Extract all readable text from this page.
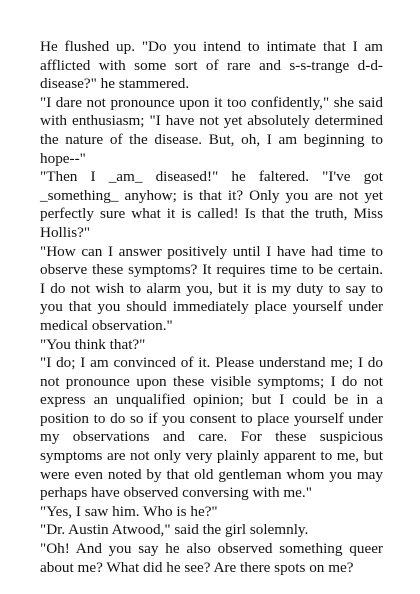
He flushed up. "Do you intend to intimate that I am afflicted with some sort of rare and s-s-trange d-d-disease?" he stammered.

"I dare not pronounce upon it too confidently," she said with enthusiasm; "I have not yet absolutely determined the nature of the disease. But, oh, I am beginning to hope--"

"Then I _am_ diseased!" he faltered. "I've got _something_ anyhow; is that it? Only you are not yet perfectly sure what it is called! Is that the truth, Miss Hollis?"

"How can I answer positively until I have had time to observe these symptoms? It requires time to be certain. I do not wish to alarm you, but it is my duty to say to you that you should immediately place yourself under medical observation."

"You think that?"

"I do; I am convinced of it. Please understand me; I do not pronounce upon these visible symptoms; I do not express an unqualified opinion; but I could be in a position to do so if you consent to place yourself under my observations and care. For these suspicious symptoms are not only very plainly apparent to me, but were even noted by that old gentleman whom you may perhaps have observed conversing with me."

"Yes, I saw him. Who is he?"

"Dr. Austin Atwood," said the girl solemnly.

"Oh! And you say he also observed something queer about me? What did he see? Are there spots on me?
